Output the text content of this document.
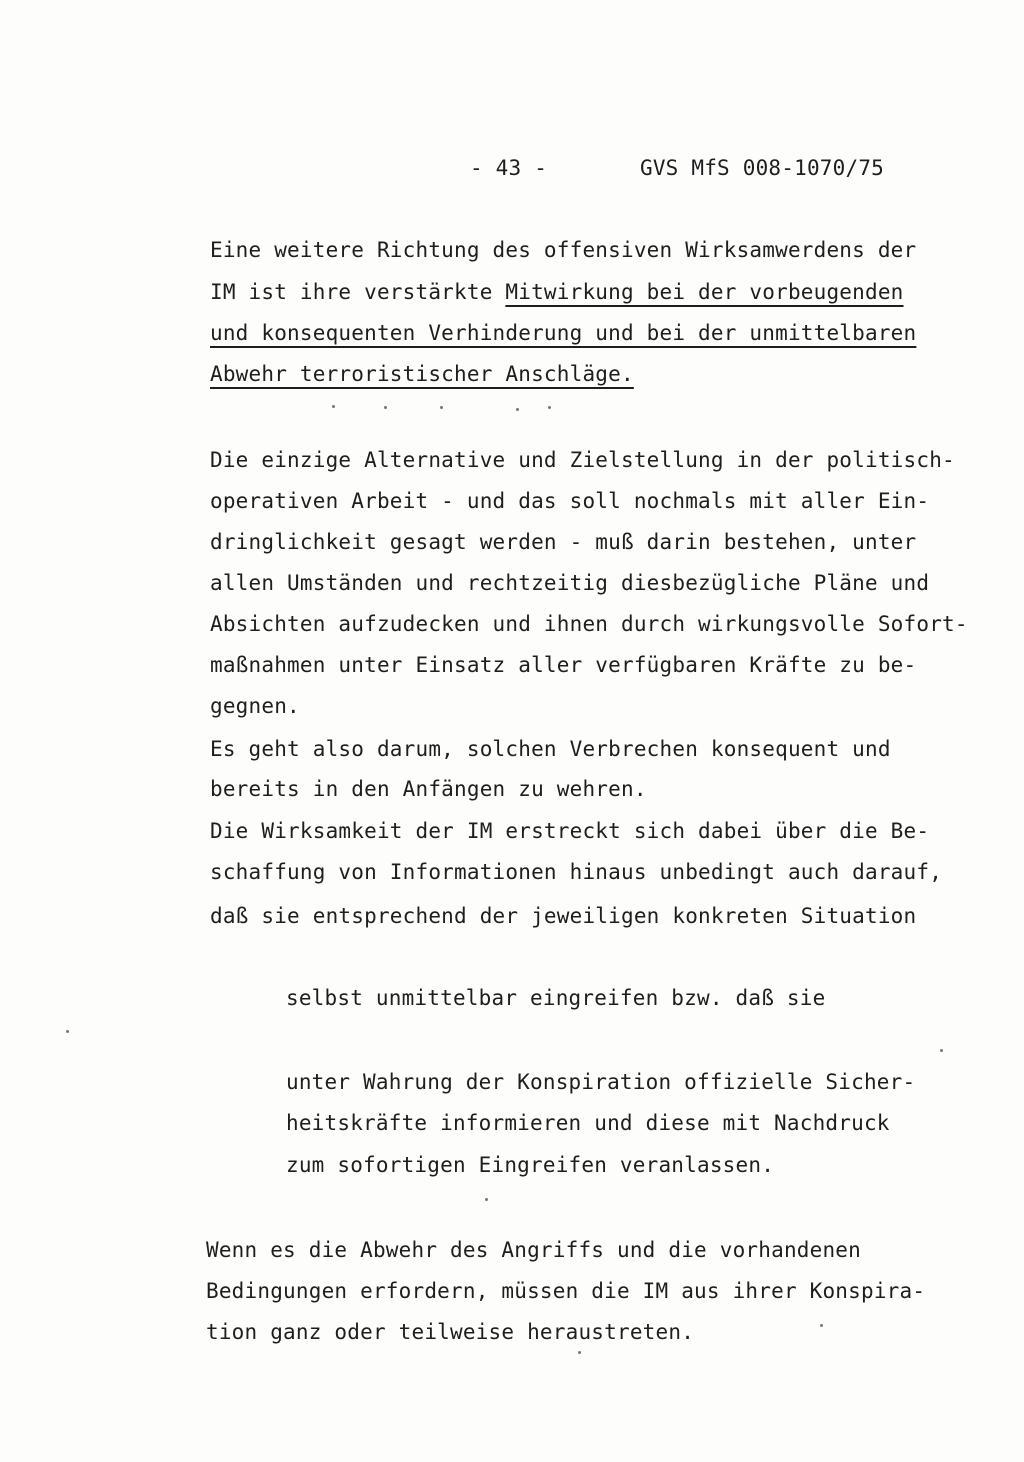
- 43 -	GVS MfS 008-1070/75
Eine weitere Richtung des offensiven Wirksamwerdens der
IM ist ihre verstärkte Mitwirkung bei der vorbeugenden
und konsequenten Verhinderung und bei der unmittelbaren
Abwehr terroristischer Anschläge.
Die einzige Alternative und Zielstellung in der politisch-
operativen Arbeit - und das soll nochmals mit aller Ein-
dringlichkeit gesagt werden - muß darin bestehen, unter
allen Umständen und rechtzeitig diesbezügliche Pläne und
Absichten aufzudecken und ihnen durch wirkungsvolle Sofort-
maßnahmen unter Einsatz aller verfügbaren Kräfte zu be-
gegnen.
Es geht also darum, solchen Verbrechen konsequent und
bereits in den Anfängen zu wehren.
Die Wirksamkeit der IM erstreckt sich dabei über die Be-
schaffung von Informationen hinaus unbedingt auch darauf,
daß sie entsprechend der jeweiligen konkreten Situation
selbst unmittelbar eingreifen bzw. daß sie
unter Wahrung der Konspiration offizielle Sicher-
heitskräfte informieren und diese mit Nachdruck
zum sofortigen Eingreifen veranlassen.
Wenn es die Abwehr des Angriffs und die vorhandenen
Bedingungen erfordern, müssen die IM aus ihrer Konspira-
tion ganz oder teilweise heraustreten.
